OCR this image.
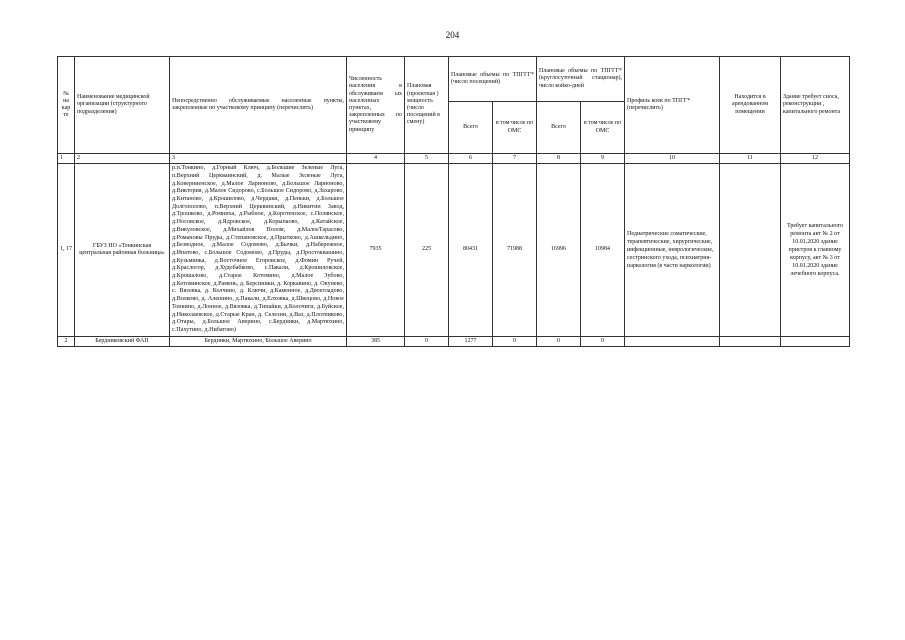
204
№ на кар те	Наименование медицинской организации (структурного подразделения)	Непосредственно обслуживаемые населенные пункты, закрепленные по участковому принципу (перечислить)	Численность населения в обслуживаем ых населенных пунктах, закрепленных по участковому принципу	Плановая (проектная ) мощность (число посещений в смену)	Плановые объемы по ТПГГГ* (число посещений)		Плановые объемы по ТПГГГ* (круглосуточный стационар), число койко-дней		Профиль коек по ТПГГ* (перечислить)	Находится в арендованном помещении	Здание требует сноса, реконструкции , капитального ремонта
					Всего	в том числе по ОМС	Всего	в том числе по ОМС			
1	2	3	4	5	6	7	8	9	10	11	12
1, 17	ГБУЗ НО «Тонкинская центральная районная больница»	р.п.Тонкино, д.Горный Ключ, д.Большие Зеленые Луга, п.Верхний Церкваинский, д. Малые Зеленые Луга, д.Коверниенское, д.Малое Ларионово, д.Большое Ларионово, д.Виктория, д.Малое Сидорово, с.Большое Сидорово, д.Захарово, д.Китаново, д.Крошилово, д.Чердаки, д.Пеньки, д.Большое Долгополово, п.Верхний Церквинский, д.Никитин Завод, д.Трошково, д.Ромниха, д.Рыбное, д.Коротенское, с.Полянское, д.Носовское, д.Ядровское, д.Корыпаово, д.Катайское, д.Викуловское, д.Михайлов Полом, д.МалоеТарасово, д.Романовы Пруды, д.Степановское, д.Прытково, д.Ашкельдино, д.Безводное, д.Малое Содомово, д.Бычки, д.Набережное, д.Ипатово, с.Большое Содомово, д.Пруды, д.Простоквашино, д.Кузьминка, д.Восточное Егоровское, д.Фомин Ручей, д.Краслогор, д.Худобабково, с.Пакали, д.Крошиловское, д.Крошалово, д.Старое Котомино, д.Малое Зубово, д.Котоминское, д.Рамень, д. Берсиники, д. Коркавино, д. Окунево, с. Вязовка, д. Колчино, д. Ключи, д.Каменное, д.Двоегладово, д.Волково, д. Алешино, д.Пакали, д.Елховка, д.Швецово, д.Новое Тонкино, д.Лонное, д.Вязовка, д.Типайки, д.Колочиги, д.Буйское, д.Николаевское, д.Старые Кран, д. Селезни, д.Ваз, д.Плотниково, д.Отары, д.Большое Аверино, с.Бердники, д.Мартюхино, с.Пахутино, д.Нибатово)	7935	225	80431	71988	16996	10984	Педиатрические соматические, терапевтические, хирургические, инфекционные, неврологические, сестринского ухода, психиатрия-наркология (в части наркологии)		Требует капитального ремонта акт № 2 от 10.01.2020 здание пристроя к главному корпусу, акт № 3 от 10.01.2020 здание лечебного корпуса.
2	Бердниковский ФАП	Бердники, Мартюхино, Большое Аверино	385	0	1277	0	0	0			
